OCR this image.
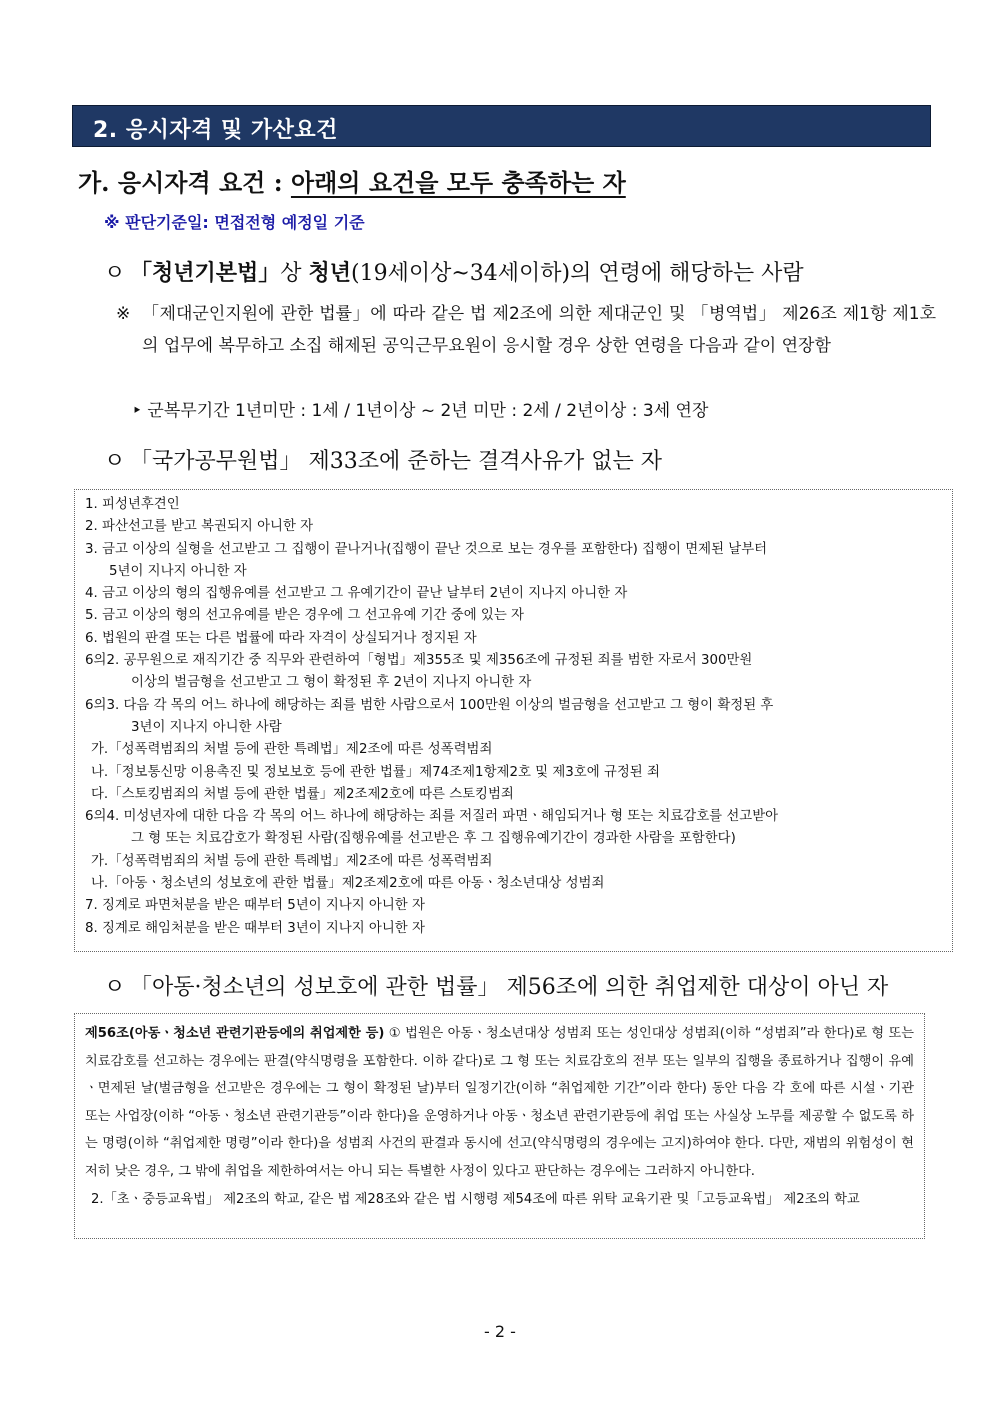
2. 응시자격 및 가산요건
가. 응시자격 요건 : 아래의 요건을 모두 충족하는 자
※ 판단기준일: 면접전형 예정일 기준
ㅇ 「청년기본법」상 청년(19세이상~34세이하)의 연령에 해당하는 사람
※ 「제대군인지원에 관한 법률」에 따라 같은 법 제2조에 의한 제대군인 및 「병역법」 제26조 제1항 제1호의 업무에 복무하고 소집 해제된 공익근무요원이 응시할 경우 상한 연령을 다음과 같이 연장함
‣ 군복무기간 1년미만 : 1세 / 1년이상 ~ 2년 미만 : 2세 / 2년이상 : 3세 연장
ㅇ 「국가공무원법」 제33조에 준하는 결격사유가 없는 자
1. 피성년후견인
2. 파산선고를 받고 복권되지 아니한 자
3. 금고 이상의 실형을 선고받고 그 집행이 끝나거나(집행이 끝난 것으로 보는 경우를 포함한다) 집행이 면제된 날부터
5년이 지나지 아니한 자
4. 금고 이상의 형의 집행유예를 선고받고 그 유예기간이 끝난 날부터 2년이 지나지 아니한 자
5. 금고 이상의 형의 선고유예를 받은 경우에 그 선고유예 기간 중에 있는 자
6. 법원의 판결 또는 다른 법률에 따라 자격이 상실되거나 정지된 자
6의2. 공무원으로 재직기간 중 직무와 관련하여「형법」제355조 및 제356조에 규정된 죄를 범한 자로서 300만원
이상의 벌금형을 선고받고 그 형이 확정된 후 2년이 지나지 아니한 자
6의3. 다음 각 목의 어느 하나에 해당하는 죄를 범한 사람으로서 100만원 이상의 벌금형을 선고받고 그 형이 확정된 후
3년이 지나지 아니한 사람
가.「성폭력범죄의 처벌 등에 관한 특례법」제2조에 따른 성폭력범죄
나.「정보통신망 이용촉진 및 정보보호 등에 관한 법률」제74조제1항제2호 및 제3호에 규정된 죄
다.「스토킹범죄의 처벌 등에 관한 법률」제2조제2호에 따른 스토킹범죄
6의4. 미성년자에 대한 다음 각 목의 어느 하나에 해당하는 죄를 저질러 파면ㆍ해임되거나 형 또는 치료감호를 선고받아
그 형 또는 치료감호가 확정된 사람(집행유예를 선고받은 후 그 집행유예기간이 경과한 사람을 포함한다)
가.「성폭력범죄의 처벌 등에 관한 특례법」제2조에 따른 성폭력범죄
나.「아동ㆍ청소년의 성보호에 관한 법률」제2조제2호에 따른 아동ㆍ청소년대상 성범죄
7. 징계로 파면처분을 받은 때부터 5년이 지나지 아니한 자
8. 징계로 해임처분을 받은 때부터 3년이 지나지 아니한 자
ㅇ 「아동·청소년의 성보호에 관한 법률」 제56조에 의한 취업제한 대상이 아닌 자
제56조(아동ㆍ청소년 관련기관등에의 취업제한 등) ① 법원은 아동ㆍ청소년대상 성범죄 또는 성인대상 성범죄(이하 “성범죄”라 한다)로 형 또는 치료감호를 선고하는 경우에는 판결(약식명령을 포함한다. 이하 같다)로 그 형 또는 치료감호의 전부 또는 일부의 집행을 종료하거나 집행이 유예ㆍ면제된 날(벌금형을 선고받은 경우에는 그 형이 확정된 날)부터 일정기간(이하 “취업제한 기간”이라 한다) 동안 다음 각 호에 따른 시설ㆍ기관 또는 사업장(이하 “아동ㆍ청소년 관련기관등”이라 한다)을 운영하거나 아동ㆍ청소년 관련기관등에 취업 또는 사실상 노무를 제공할 수 없도록 하는 명령(이하 “취업제한 명령”이라 한다)을 성범죄 사건의 판결과 동시에 선고(약식명령의 경우에는 고지)하여야 한다. 다만, 재범의 위험성이 현저히 낮은 경우, 그 밖에 취업을 제한하여서는 아니 되는 특별한 사정이 있다고 판단하는 경우에는 그러하지 아니한다.
2.「초ㆍ중등교육법」 제2조의 학교, 같은 법 제28조와 같은 법 시행령 제54조에 따른 위탁 교육기관 및「고등교육법」 제2조의 학교
- 2 -
